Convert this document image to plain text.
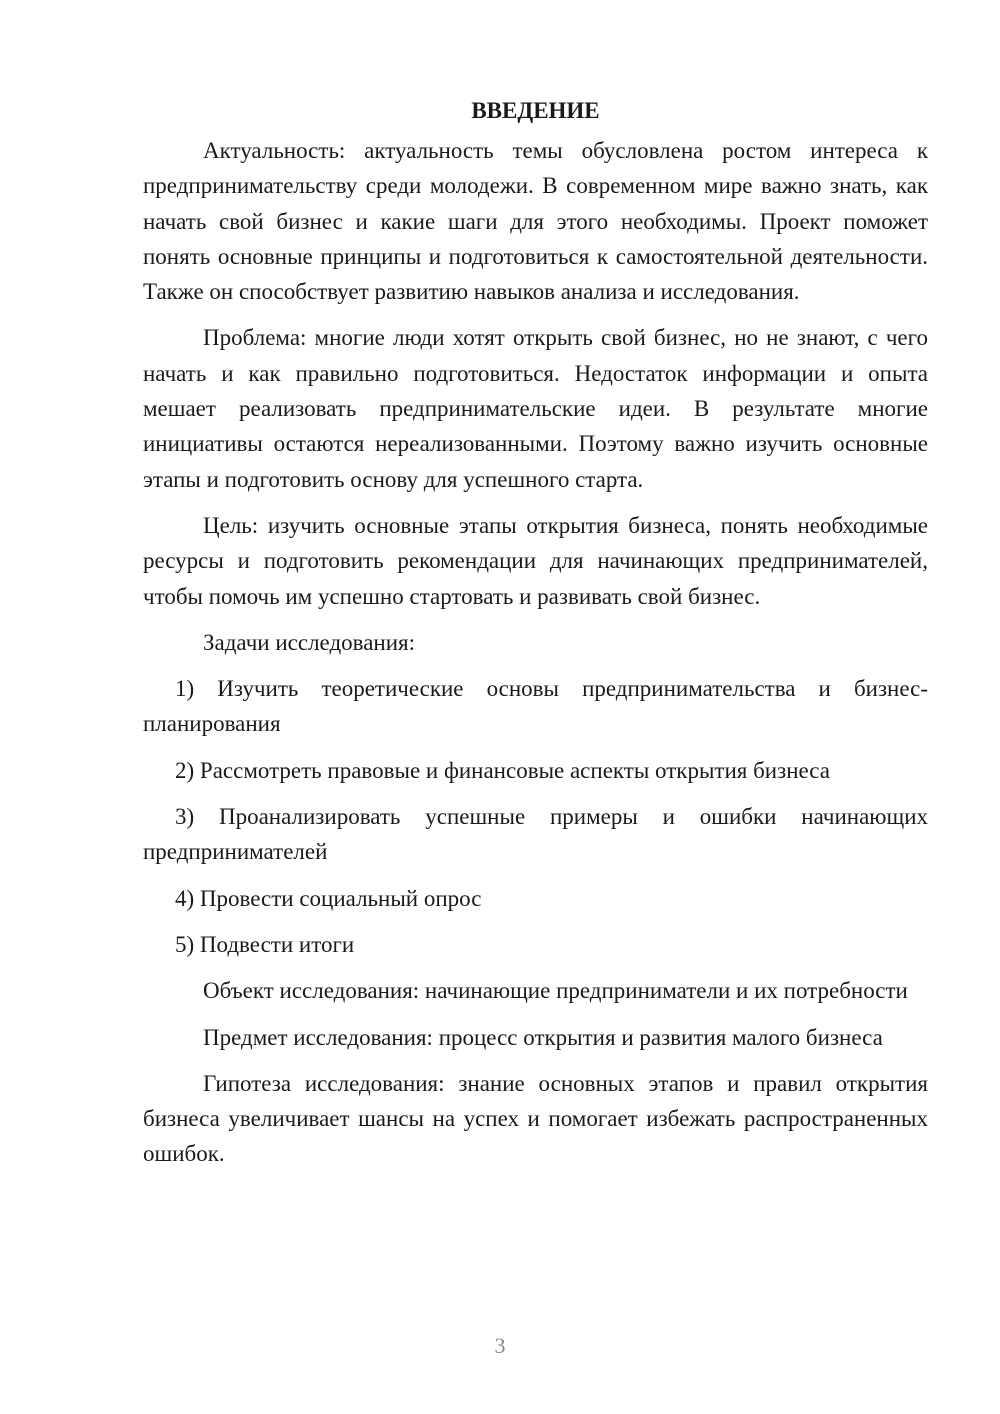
ВВЕДЕНИЕ

Актуальность: актуальность темы обусловлена ростом интереса к предпринимательству среди молодежи. В современном мире важно знать, как начать свой бизнес и какие шаги для этого необходимы. Проект поможет понять основные принципы и подготовиться к самостоятельной деятельности. Также он способствует развитию навыков анализа и исследования.

Проблема: многие люди хотят открыть свой бизнес, но не знают, с чего начать и как правильно подготовиться. Недостаток информации и опыта мешает реализовать предпринимательские идеи. В результате многие инициативы остаются нереализованными. Поэтому важно изучить основные этапы и подготовить основу для успешного старта.

Цель: изучить основные этапы открытия бизнеса, понять необходимые ресурсы и подготовить рекомендации для начинающих предпринимателей, чтобы помочь им успешно стартовать и развивать свой бизнес.

Задачи исследования:

1) Изучить теоретические основы предпринимательства и бизнес-планирования

2) Рассмотреть правовые и финансовые аспекты открытия бизнеса

3) Проанализировать успешные примеры и ошибки начинающих предпринимателей

4) Провести социальный опрос

5) Подвести итоги

Объект исследования: начинающие предприниматели и их потребности

Предмет исследования: процесс открытия и развития малого бизнеса

Гипотеза исследования: знание основных этапов и правил открытия бизнеса увеличивает шансы на успех и помогает избежать распространенных ошибок.

3
